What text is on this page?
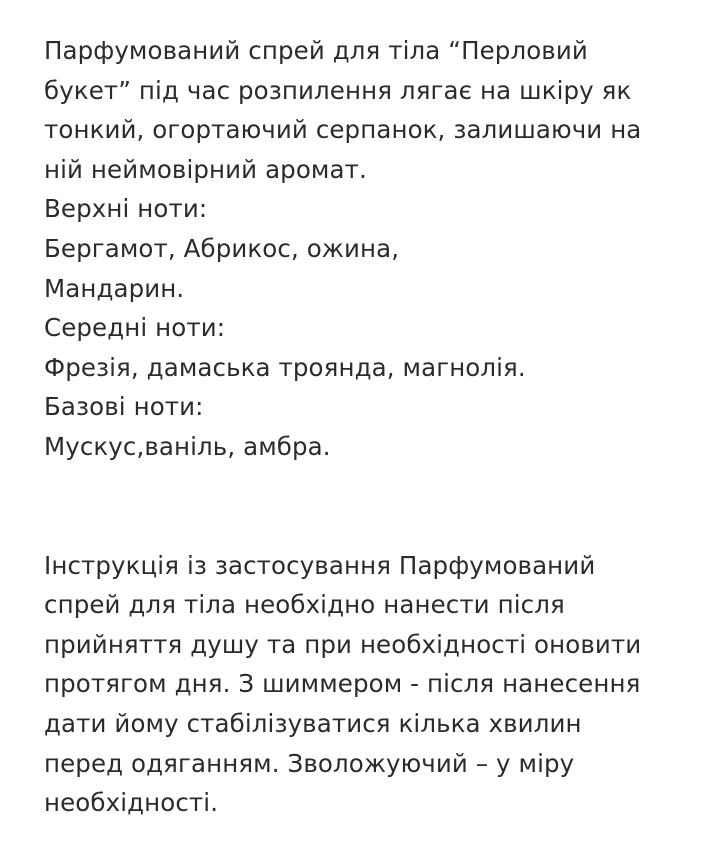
Парфумований спрей для тіла “Перловий
букет” під час розпилення лягає на шкіру як
тонкий, огортаючий серпанок, залишаючи на
ній неймовірний аромат.
Верхні ноти:
Бергамот, Абрикос, ожина,
Мандарин.
Середні ноти:
Фрезія, дамаська троянда, магнолія.
Базові ноти:
Мускус,ваніль, амбра.
Інструкція із застосування Парфумований
спрей для тіла необхідно нанести після
прийняття душу та при необхідності оновити
протягом дня. З шиммером - після нанесення
дати йому стабілізуватися кілька хвилин
перед одяганням. Зволожуючий – у міру
необхідності.
